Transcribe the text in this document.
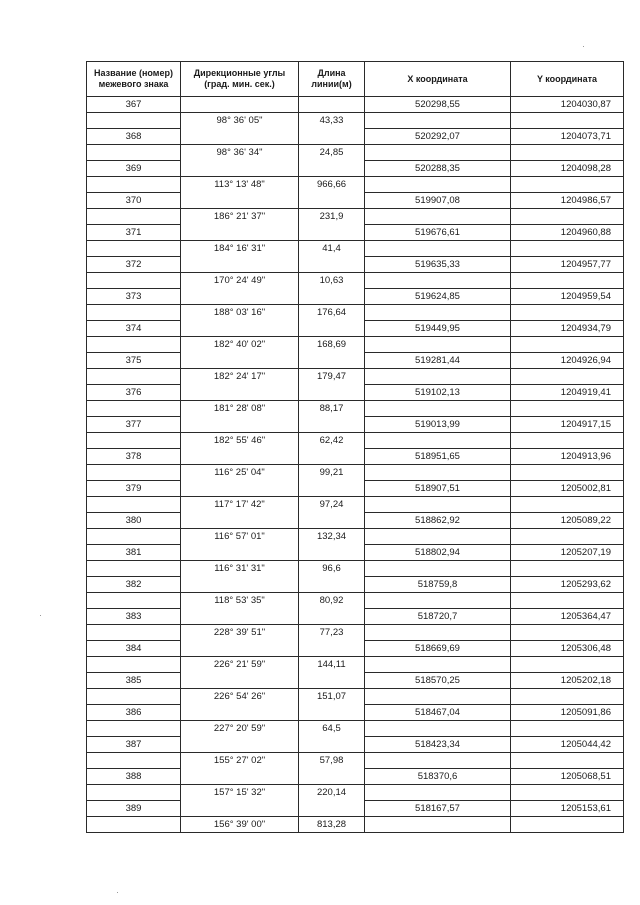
Название (номер) межевого знака	Дирекционные углы (град. мин. сек.)	Длина линии(м)	X координата	Y координата
367			520298,55	1204030,87
	98° 36' 05"	43,33		
368			520292,07	1204073,71
	98° 36' 34"	24,85		
369			520288,35	1204098,28
	113° 13' 48"	966,66		
370			519907,08	1204986,57
	186° 21' 37"	231,9		
371			519676,61	1204960,88
	184° 16' 31"	41,4		
372			519635,33	1204957,77
	170° 24' 49"	10,63		
373			519624,85	1204959,54
	188° 03' 16"	176,64		
374			519449,95	1204934,79
	182° 40' 02"	168,69		
375			519281,44	1204926,94
	182° 24' 17"	179,47		
376			519102,13	1204919,41
	181° 28' 08"	88,17		
377			519013,99	1204917,15
	182° 55' 46"	62,42		
378			518951,65	1204913,96
	116° 25' 04"	99,21		
379			518907,51	1205002,81
	117° 17' 42"	97,24		
380			518862,92	1205089,22
	116° 57' 01"	132,34		
381			518802,94	1205207,19
	116° 31' 31"	96,6		
382			518759,8	1205293,62
	118° 53' 35"	80,92		
383			518720,7	1205364,47
	228° 39' 51"	77,23		
384			518669,69	1205306,48
	226° 21' 59"	144,11		
385			518570,25	1205202,18
	226° 54' 26"	151,07		
386			518467,04	1205091,86
	227° 20' 59"	64,5		
387			518423,34	1205044,42
	155° 27' 02"	57,98		
388			518370,6	1205068,51
	157° 15' 32"	220,14		
389			518167,57	1205153,61
	156° 39' 00"	813,28		
